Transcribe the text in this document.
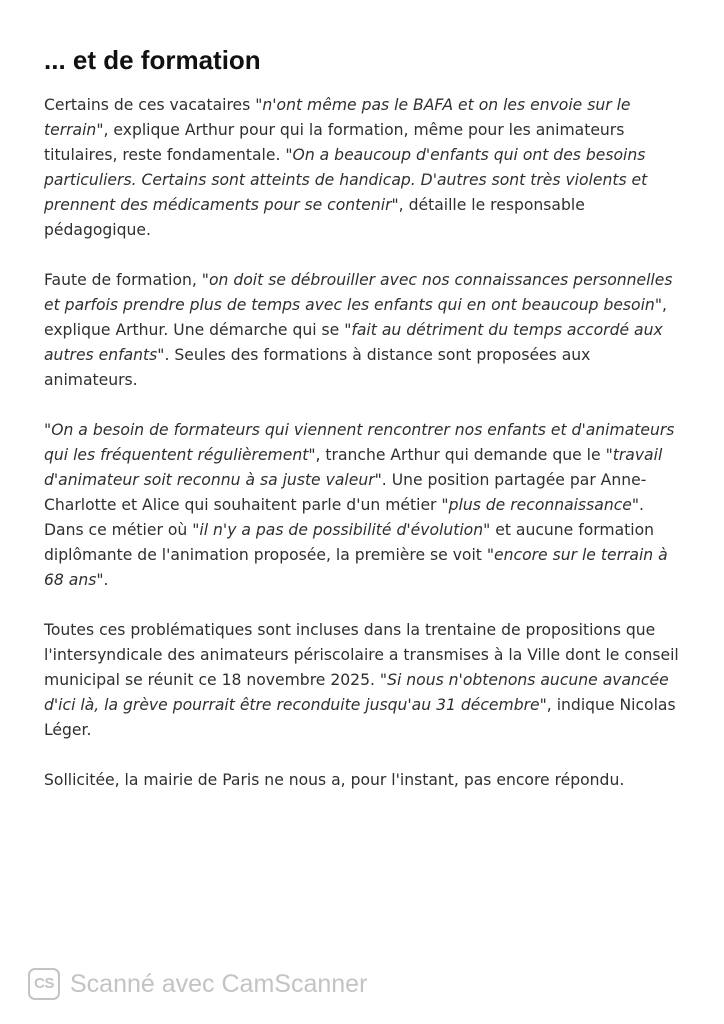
... et de formation

Certains de ces vacataires "n'ont même pas le BAFA et on les envoie sur le terrain", explique Arthur pour qui la formation, même pour les animateurs titulaires, reste fondamentale. "On a beaucoup d'enfants qui ont des besoins particuliers. Certains sont atteints de handicap. D'autres sont très violents et prennent des médicaments pour se contenir", détaille le responsable pédagogique.

Faute de formation, "on doit se débrouiller avec nos connaissances personnelles et parfois prendre plus de temps avec les enfants qui en ont beaucoup besoin", explique Arthur. Une démarche qui se "fait au détriment du temps accordé aux autres enfants". Seules des formations à distance sont proposées aux animateurs.

"On a besoin de formateurs qui viennent rencontrer nos enfants et d'animateurs qui les fréquentent régulièrement", tranche Arthur qui demande que le "travail d'animateur soit reconnu à sa juste valeur". Une position partagée par Anne-Charlotte et Alice qui souhaitent parle d'un métier "plus de reconnaissance". Dans ce métier où "il n'y a pas de possibilité d'évolution" et aucune formation diplômante de l'animation proposée, la première se voit "encore sur le terrain à 68 ans".

Toutes ces problématiques sont incluses dans la trentaine de propositions que l'intersyndicale des animateurs périscolaire a transmises à la Ville dont le conseil municipal se réunit ce 18 novembre 2025. "Si nous n'obtenons aucune avancée d'ici là, la grève pourrait être reconduite jusqu'au 31 décembre", indique Nicolas Léger.

Sollicitée, la mairie de Paris ne nous a, pour l'instant, pas encore répondu.

CS Scanné avec CamScanner
